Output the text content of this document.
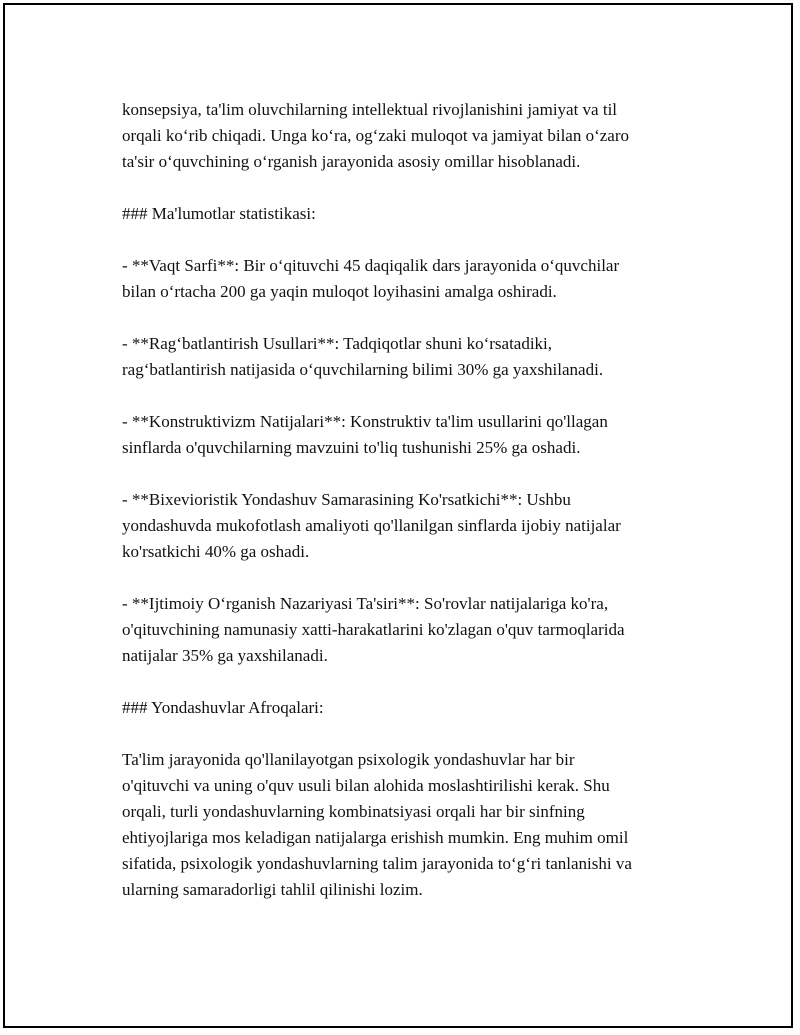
konsepsiya, ta'lim oluvchilarning intellektual rivojlanishini jamiyat va til
orqali ko‘rib chiqadi. Unga ko‘ra, og‘zaki muloqot va jamiyat bilan o‘zaro
ta'sir o‘quvchining o‘rganish jarayonida asosiy omillar hisoblanadi.

### Ma'lumotlar statistikasi:

- **Vaqt Sarfi**: Bir o‘qituvchi 45 daqiqalik dars jarayonida o‘quvchilar
bilan o‘rtacha 200 ga yaqin muloqot loyihasini amalga oshiradi.

- **Rag‘batlantirish Usullari**: Tadqiqotlar shuni ko‘rsatadiki,
rag‘batlantirish natijasida o‘quvchilarning bilimi 30% ga yaxshilanadi.

- **Konstruktivizm Natijalari**: Konstruktiv ta'lim usullarini qo'llagan
sinflarda o'quvchilarning mavzuini to'liq tushunishi 25% ga oshadi.

- **Bixevioristik Yondashuv Samarasining Ko'rsatkichi**: Ushbu
yondashuvda mukofotlash amaliyoti qo'llanilgan sinflarda ijobiy natijalar
ko'rsatkichi 40% ga oshadi.

- **Ijtimoiy O‘rganish Nazariyasi Ta'siri**: So'rovlar natijalariga ko'ra,
o'qituvchining namunasiy xatti-harakatlarini ko'zlagan o'quv tarmoqlarida
natijalar 35% ga yaxshilanadi.

### Yondashuvlar Afroqalari:

Ta'lim jarayonida qo'llanilayotgan psixologik yondashuvlar har bir
o'qituvchi va uning o'quv usuli bilan alohida moslashtirilishi kerak. Shu
orqali, turli yondashuvlarning kombinatsiyasi orqali har bir sinfning
ehtiyojlariga mos keladigan natijalarga erishish mumkin. Eng muhim omil
sifatida, psixologik yondashuvlarning talim jarayonida to‘g‘ri tanlanishi va
ularning samaradorligi tahlil qilinishi lozim.
